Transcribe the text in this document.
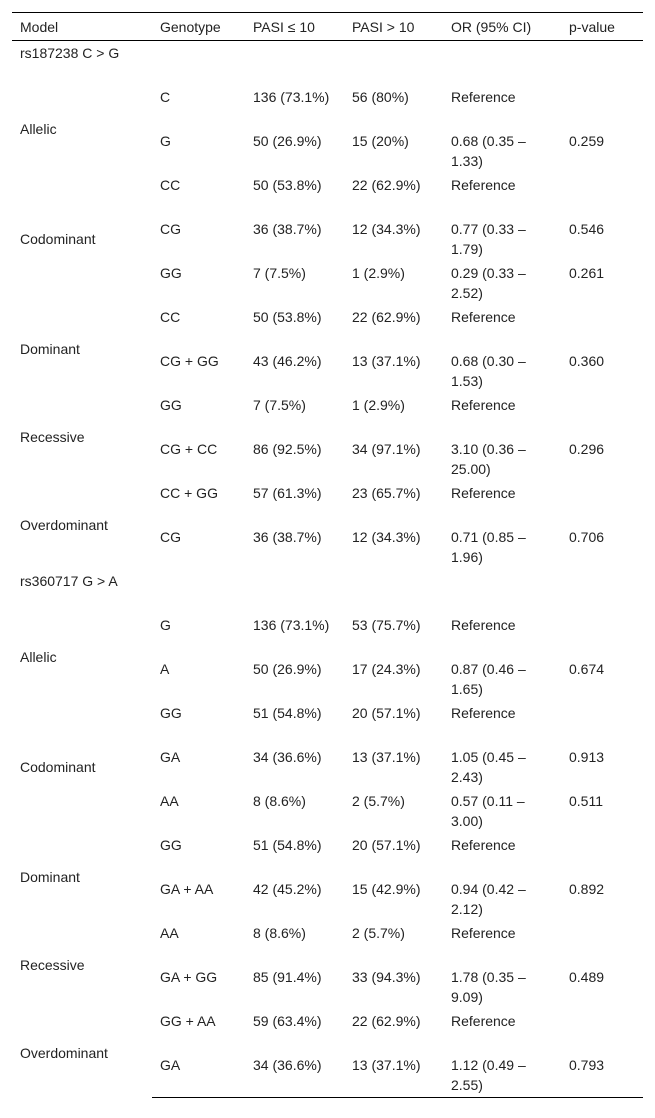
Model	Genotype	PASI ≤ 10	PASI > 10	OR (95% CI)	p-value
rs187238 C > G					
Allelic	C	136 (73.1%)	56 (80%)	Reference	
	G	50 (26.9%)	15 (20%)	0.68 (0.35 – 1.33)	0.259
Codominant	CC	50 (53.8%)	22 (62.9%)	Reference	
	CG	36 (38.7%)	12 (34.3%)	0.77 (0.33 – 1.79)	0.546
	GG	7 (7.5%)	1 (2.9%)	0.29 (0.33 – 2.52)	0.261
Dominant	CC	50 (53.8%)	22 (62.9%)	Reference	
	CG + GG	43 (46.2%)	13 (37.1%)	0.68 (0.30 – 1.53)	0.360
Recessive	GG	7 (7.5%)	1 (2.9%)	Reference	
	CG + CC	86 (92.5%)	34 (97.1%)	3.10 (0.36 – 25.00)	0.296
Overdominant	CC + GG	57 (61.3%)	23 (65.7%)	Reference	
	CG	36 (38.7%)	12 (34.3%)	0.71 (0.85 – 1.96)	0.706
rs360717 G > A					
Allelic	G	136 (73.1%)	53 (75.7%)	Reference	
	A	50 (26.9%)	17 (24.3%)	0.87 (0.46 – 1.65)	0.674
Codominant	GG	51 (54.8%)	20 (57.1%)	Reference	
	GA	34 (36.6%)	13 (37.1%)	1.05 (0.45 – 2.43)	0.913
	AA	8 (8.6%)	2 (5.7%)	0.57 (0.11 – 3.00)	0.511
Dominant	GG	51 (54.8%)	20 (57.1%)	Reference	
	GA + AA	42 (45.2%)	15 (42.9%)	0.94 (0.42 – 2.12)	0.892
Recessive	AA	8 (8.6%)	2 (5.7%)	Reference	
	GA + GG	85 (91.4%)	33 (94.3%)	1.78 (0.35 – 9.09)	0.489
Overdominant	GG + AA	59 (63.4%)	22 (62.9%)	Reference	
	GA	34 (36.6%)	13 (37.1%)	1.12 (0.49 – 2.55)	0.793
